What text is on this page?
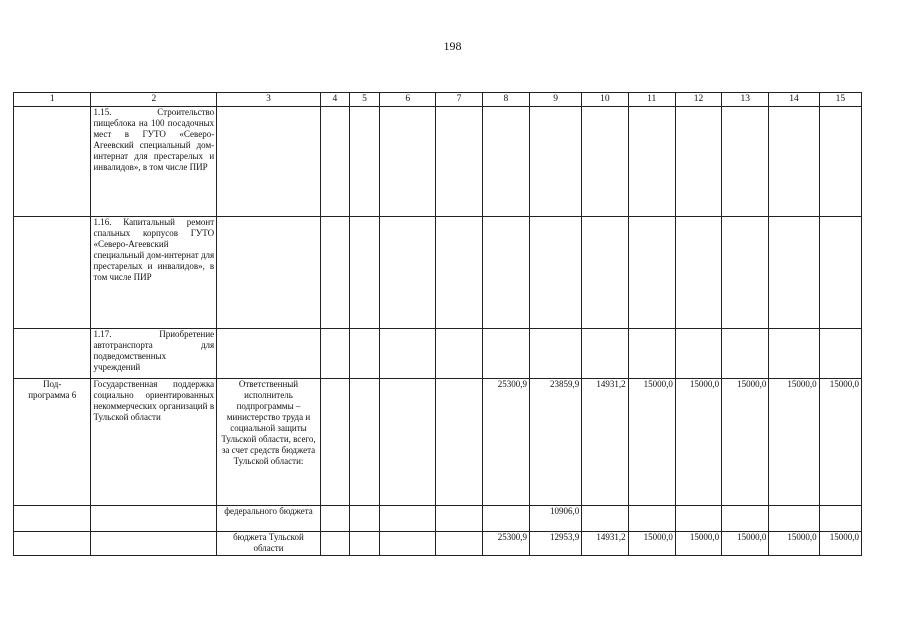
198
1	2	3	4	5	6	7	8	9	10	11	12	13	14	15
	1.15. Строительство пищеблока на 100 посадочных мест в ГУТО «Северо-Агеевский специальный дом-интернат для престарелых и инвалидов», в том числе ПИР													
	1.16. Капитальный ремонт спальных корпусов ГУТО «Северо-Агеевский специальный дом-интернат для престарелых и инвалидов», в том числе ПИР													
	1.17. Приобретение автотранспорта для подведомственных учреждений													

Под-
программа 6	Государственная поддержка социально ориентированных некоммерческих организаций в Тульской области	Ответственный исполнитель подпрограммы – министерство труда и социальной защиты Тульской области, всего, за счет средств бюджета Тульской области:					25300,9	23859,9	14931,2	15000,0	15000,0	15000,0	15000,0	15000,0
		федерального бюджета						10906,0						
		бюджета Тульской области					25300,9	12953,9	14931,2	15000,0	15000,0	15000,0	15000,0	15000,0
